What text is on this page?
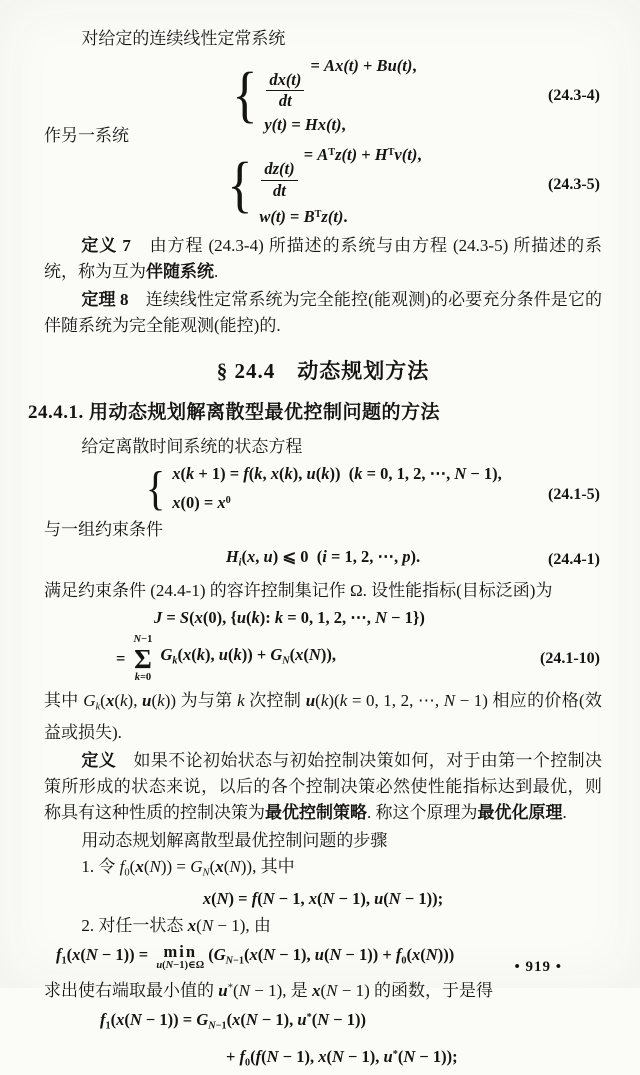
对给定的连续线性定常系统

{ $\frac{dx(t)}{dt}$
= Ax(t) + Bu(t),
y(t) = Hx(t),
(24.3-4)

作另一系统

{ $\frac{dz(t)}{dt}$
= $A^Tz(t) + H^Tv(t)$,
$w(t) = B^Tz(t)$.
(24.3-5)

定义 7　由方程 (24.3-4) 所描述的系统与由方程 (24.3-5) 所描述的系统，称为互为伴随系统.

定理 8　连续线性定常系统为完全能控(能观测)的必要充分条件是它的伴随系统为完全能观测(能控)的.

§ 24.4　动态规划方法
24.4.1. 用动态规划解离散型最优控制问题的方法

给定离散时间系统的状态方程

{ x(k + 1) = f(k, x(k), u(k))  (k = 0, 1, 2, ⋯, N − 1),
$x(0) = x^0$	(24.1-5)

与一组约束条件

$H_i(x$, u) ⩽ 0  (i = 1, 2, ⋯, p).	(24.4-1)

满足约束条件 (24.4-1) 的容许控制集记作 Ω. 设性能指标(目标泛函)为

J = S(x(0), {u(k): k = 0, 1, 2, ⋯, N − 1})
=
N−1
Σ
k=0
$G_k(x(k)$, $u(k)) + G_N(x(N))$,	(24.1-10)

其中 $G_k(x(k)$, u(k)) 为与第 k 次控制 u(k)(k = 0, 1, 2, ⋯, N − 1) 相应的价格(效益或损失).

定义　如果不论初始状态与初始控制决策如何，对于由第一个控制决策所形成的状态来说，以后的各个控制决策必然使性能指标达到最优，则称具有这种性质的控制决策为最优控制策略. 称这个原理为最优化原理.

用动态规划解离散型最优控制问题的步骤

1. 令 $f_0(x(N)) = G_N(x(N))$, 其中

x(N) = f(N − 1, x(N − 1), u(N − 1));

2. 对任一状态 x(N − 1), 由

$f_1(x(N - 1)) = \min$
u(N−1)∈Ω
($G_{N-1}(x(N - 1)$, $u(N - 1)) + f_0(x(N))$)

求出使右端取最小值的 u*(N − 1), 是 x(N − 1) 的函数，于是得

$f_1(x(N - 1)) = G_{N-1}(x(N - 1)$, u*(N − 1))
+ $f_0(f(N - 1)$, x(N − 1), u*(N − 1));
• 919 •
